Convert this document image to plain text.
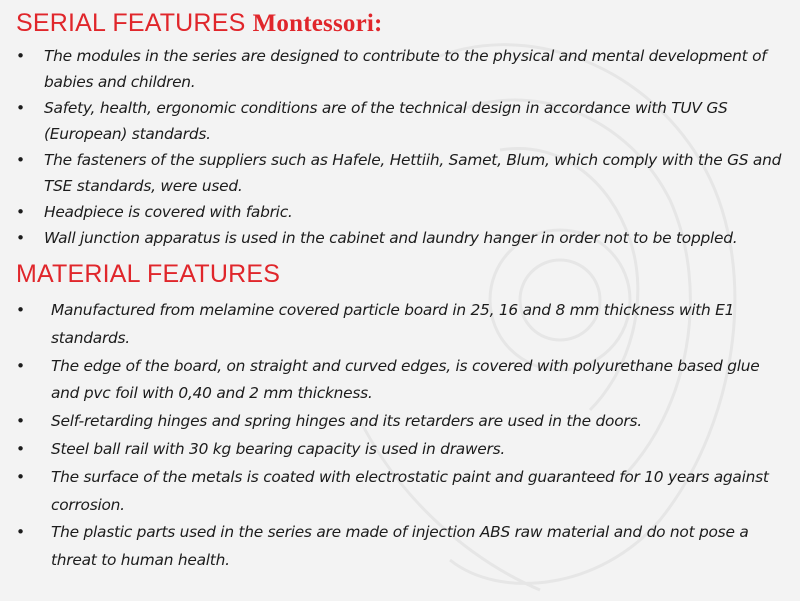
SERIAL FEATURES Montessori:
• The modules in the series are designed to contribute to the physical and mental development of babies and children.
• Safety, health, ergonomic conditions are of the technical design in accordance with TUV GS (European) standards.
• The fasteners of the suppliers such as Hafele, Hettiih, Samet, Blum, which comply with the GS and TSE standards, were used.
• Headpiece is covered with fabric.
• Wall junction apparatus is used in the cabinet and laundry hanger in order not to be toppled.
MATERIAL FEATURES
• Manufactured from melamine covered particle board in 25, 16 and 8 mm thickness with E1 standards.
• The edge of the board, on straight and curved edges, is covered with polyurethane based glue and pvc foil with 0,40 and 2 mm thickness.
• Self-retarding hinges and spring hinges and its retarders are used in the doors.
• Steel ball rail with 30 kg bearing capacity is used in drawers.
• The surface of the metals is coated with electrostatic paint and guaranteed for 10 years against corrosion.
• The plastic parts used in the series are made of injection ABS raw material and do not pose a threat to human health.
